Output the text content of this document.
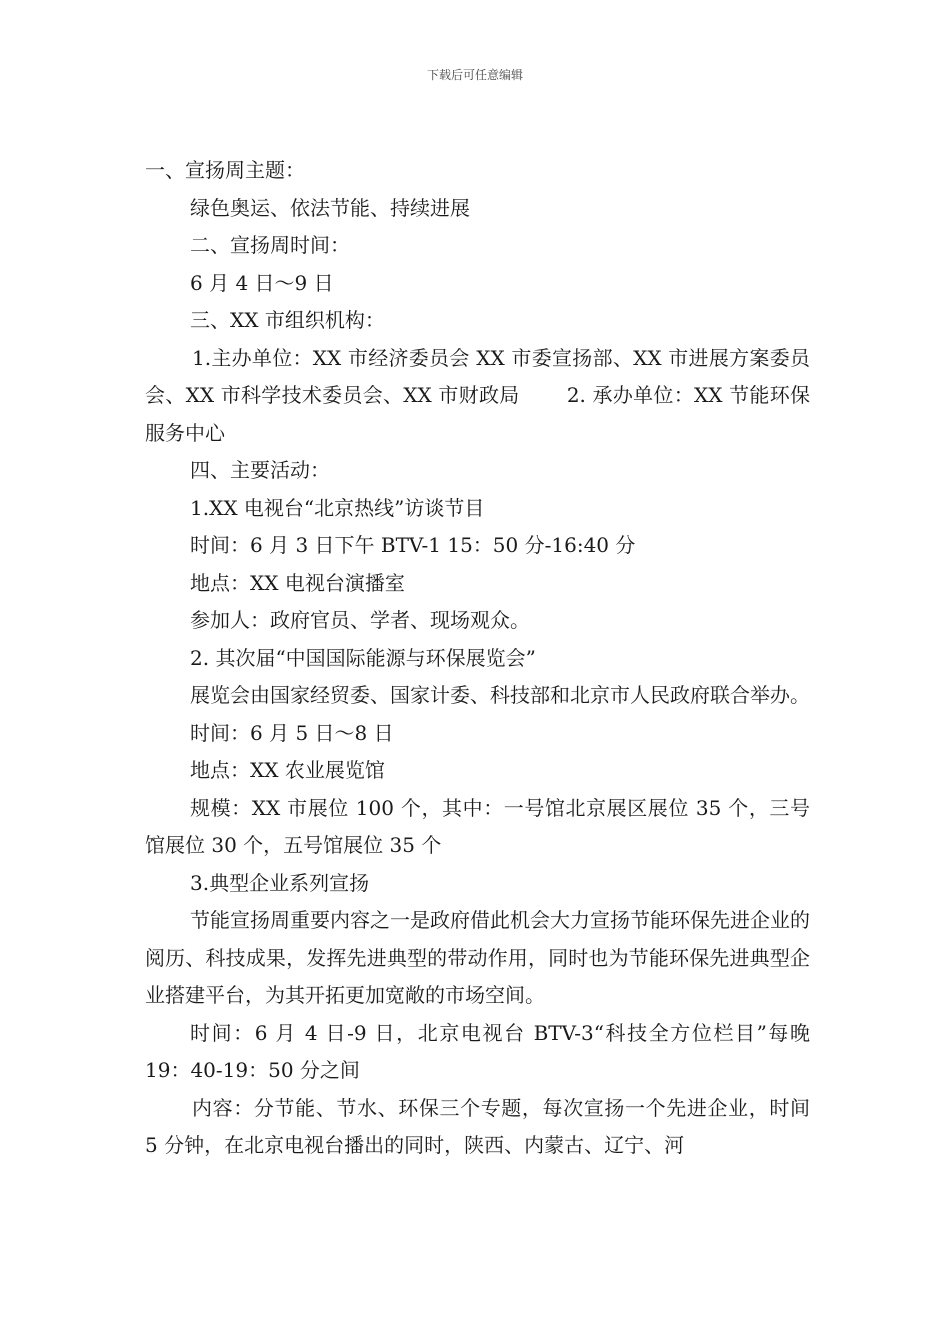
下载后可任意编辑

一、宣扬周主题：

绿色奥运、依法节能、持续进展

二、宣扬周时间：

6 月 4 日～9 日

三、XX 市组织机构：

1.主办单位：XX 市经济委员会 XX 市委宣扬部、XX 市进展方案委员会、XX 市科学技术委员会、XX 市财政局　　 2. 承办单位：XX 节能环保服务中心

四、主要活动：

1.XX 电视台“北京热线”访谈节目

时间：6 月 3 日下午 BTV-1 15：50 分-16:40 分

地点：XX 电视台演播室

参加人：政府官员、学者、现场观众。

2. 其次届“中国国际能源与环保展览会”

展览会由国家经贸委、国家计委、科技部和北京市人民政府联合举办。

时间：6 月 5 日～8 日

地点：XX 农业展览馆

规模：XX 市展位 100 个，其中：一号馆北京展区展位 35 个，三号馆展位 30 个，五号馆展位 35 个

3.典型企业系列宣扬

节能宣扬周重要内容之一是政府借此机会大力宣扬节能环保先进企业的阅历、科技成果，发挥先进典型的带动作用，同时也为节能环保先进典型企业搭建平台，为其开拓更加宽敞的市场空间。

时间：6 月 4 日-9 日，北京电视台 BTV-3“科技全方位栏目”每晚 19：40-19：50 分之间

内容：分节能、节水、环保三个专题，每次宣扬一个先进企业，时间 5 分钟，在北京电视台播出的同时，陕西、内蒙古、辽宁、河
